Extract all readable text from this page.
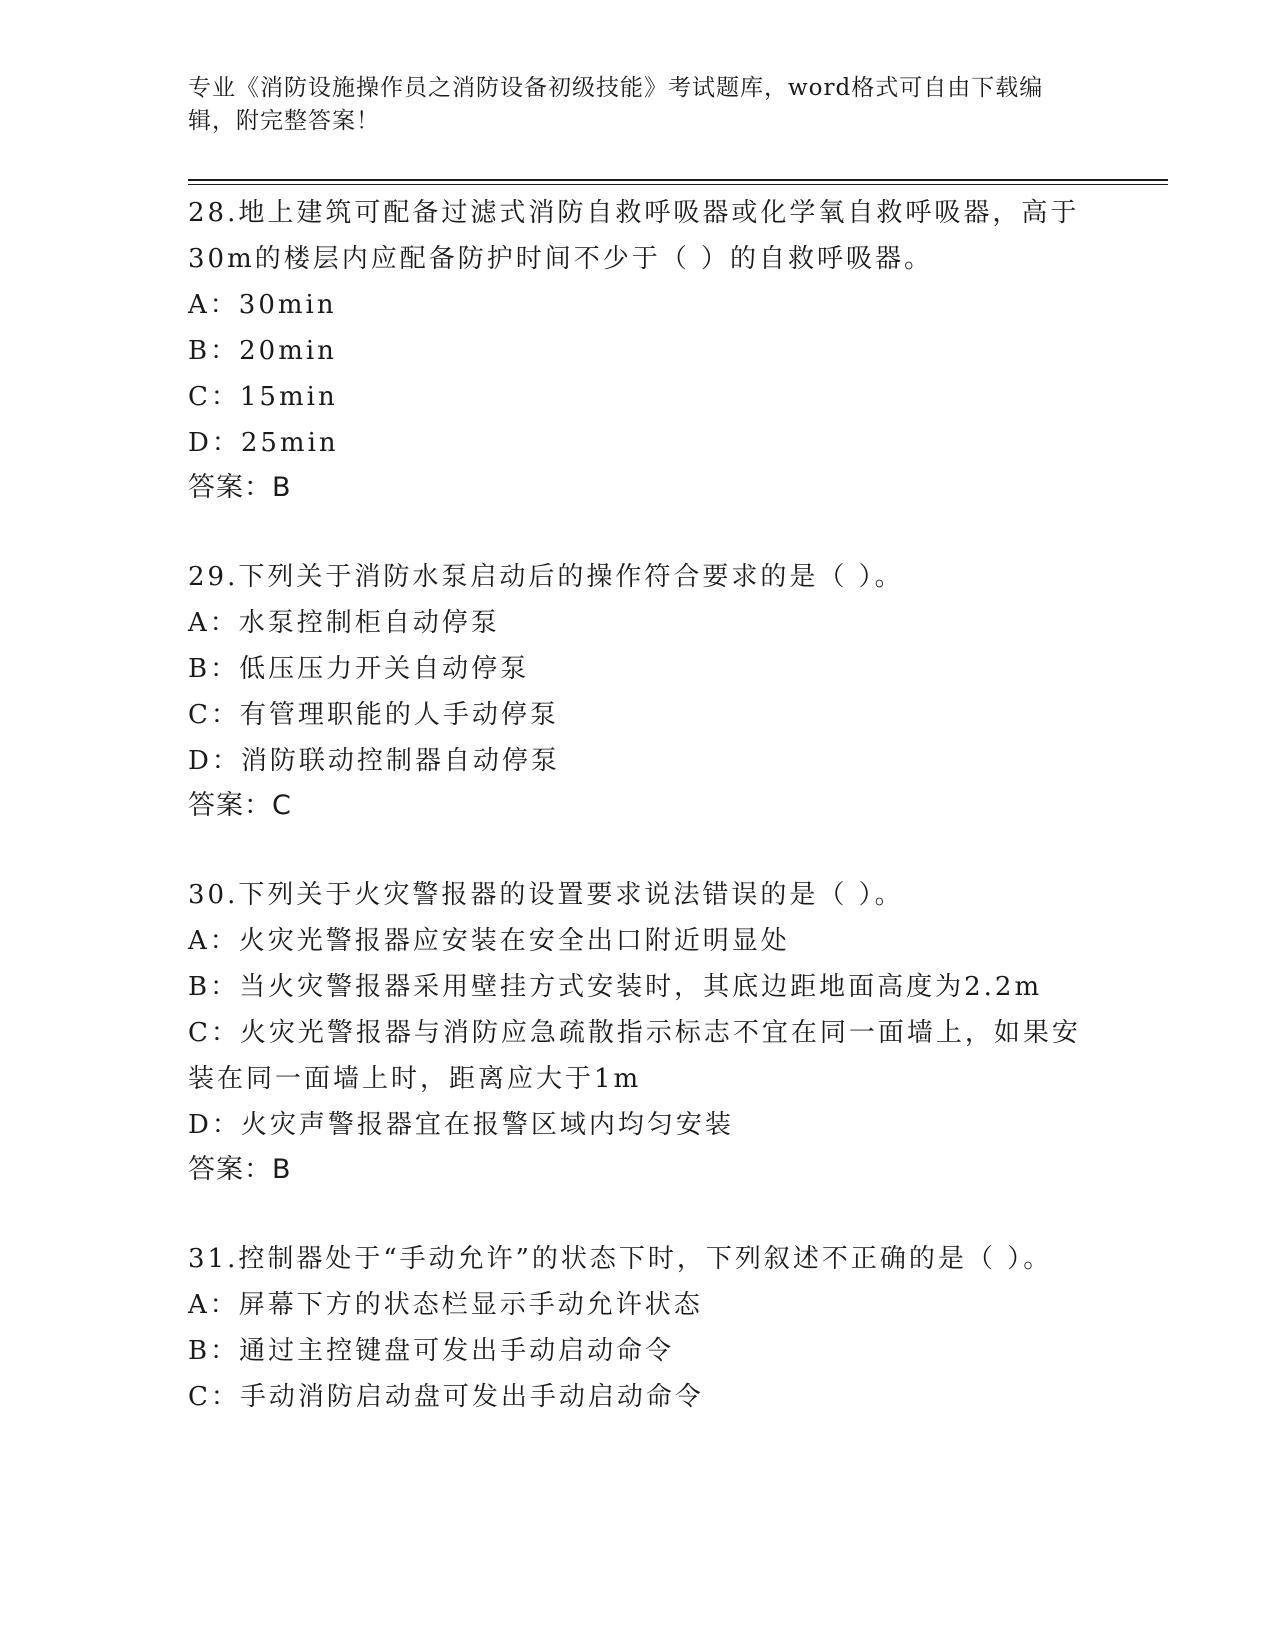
专业《消防设施操作员之消防设备初级技能》考试题库，word格式可自由下载编辑，附完整答案！
28.地上建筑可配备过滤式消防自救呼吸器或化学氧自救呼吸器，高于30m的楼层内应配备防护时间不少于（ ）的自救呼吸器。
A：30min
B：20min
C：15min
D：25min
答案：B
29.下列关于消防水泵启动后的操作符合要求的是（ ）。
A：水泵控制柜自动停泵
B：低压压力开关自动停泵
C：有管理职能的人手动停泵
D：消防联动控制器自动停泵
答案：C
30.下列关于火灾警报器的设置要求说法错误的是（ ）。
A：火灾光警报器应安装在安全出口附近明显处
B：当火灾警报器采用壁挂方式安装时，其底边距地面高度为2.2m
C：火灾光警报器与消防应急疏散指示标志不宜在同一面墙上，如果安装在同一面墙上时，距离应大于1m
D：火灾声警报器宜在报警区域内均匀安装
答案：B
31.控制器处于“手动允许”的状态下时，下列叙述不正确的是（ ）。
A：屏幕下方的状态栏显示手动允许状态
B：通过主控键盘可发出手动启动命令
C：手动消防启动盘可发出手动启动命令
